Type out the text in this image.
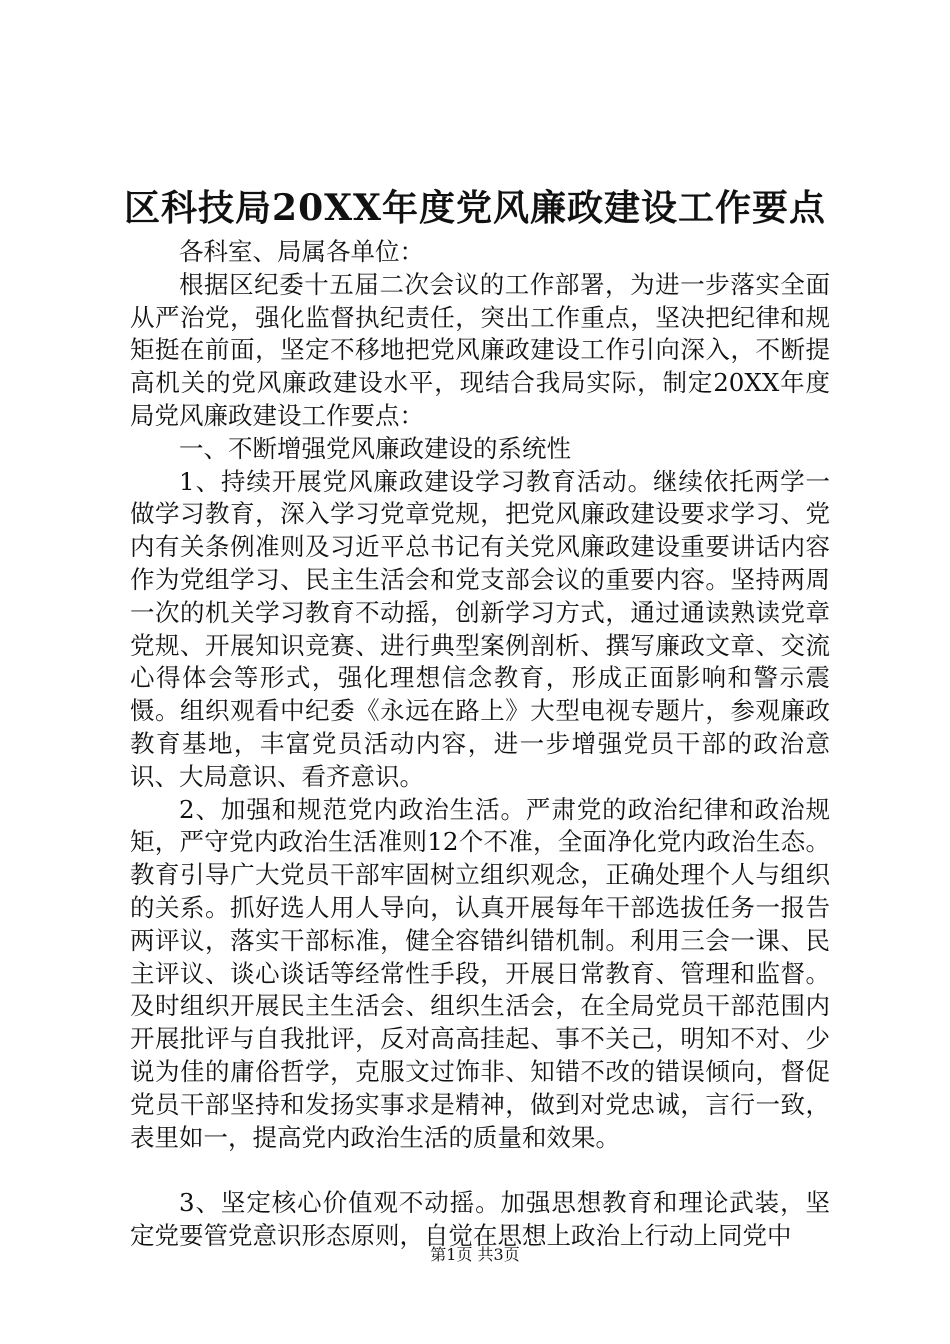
区科技局20XX年度党风廉政建设工作要点

各科室、局属各单位：

根据区纪委十五届二次会议的工作部署，为进一步落实全面从严治党，强化监督执纪责任，突出工作重点，坚决把纪律和规矩挺在前面，坚定不移地把党风廉政建设工作引向深入，不断提高机关的党风廉政建设水平，现结合我局实际，制定20XX年度局党风廉政建设工作要点：

一、不断增强党风廉政建设的系统性

1、持续开展党风廉政建设学习教育活动。继续依托两学一做学习教育，深入学习党章党规，把党风廉政建设要求学习、党内有关条例准则及习近平总书记有关党风廉政建设重要讲话内容作为党组学习、民主生活会和党支部会议的重要内容。坚持两周一次的机关学习教育不动摇，创新学习方式，通过通读熟读党章党规、开展知识竞赛、进行典型案例剖析、撰写廉政文章、交流心得体会等形式，强化理想信念教育，形成正面影响和警示震慑。组织观看中纪委《永远在路上》大型电视专题片，参观廉政教育基地，丰富党员活动内容，进一步增强党员干部的政治意识、大局意识、看齐意识。

2、加强和规范党内政治生活。严肃党的政治纪律和政治规矩，严守党内政治生活准则12个不准，全面净化党内政治生态。教育引导广大党员干部牢固树立组织观念，正确处理个人与组织的关系。抓好选人用人导向，认真开展每年干部选拔任务一报告两评议，落实干部标准，健全容错纠错机制。利用三会一课、民主评议、谈心谈话等经常性手段，开展日常教育、管理和监督。及时组织开展民主生活会、组织生活会，在全局党员干部范围内开展批评与自我批评，反对高高挂起、事不关己，明知不对、少说为佳的庸俗哲学，克服文过饰非、知错不改的错误倾向，督促党员干部坚持和发扬实事求是精神，做到对党忠诚，言行一致，表里如一，提高党内政治生活的质量和效果。

3、坚定核心价值观不动摇。加强思想教育和理论武装，坚定党要管党意识形态原则，自觉在思想上政治上行动上同党中

第1页 共3页
